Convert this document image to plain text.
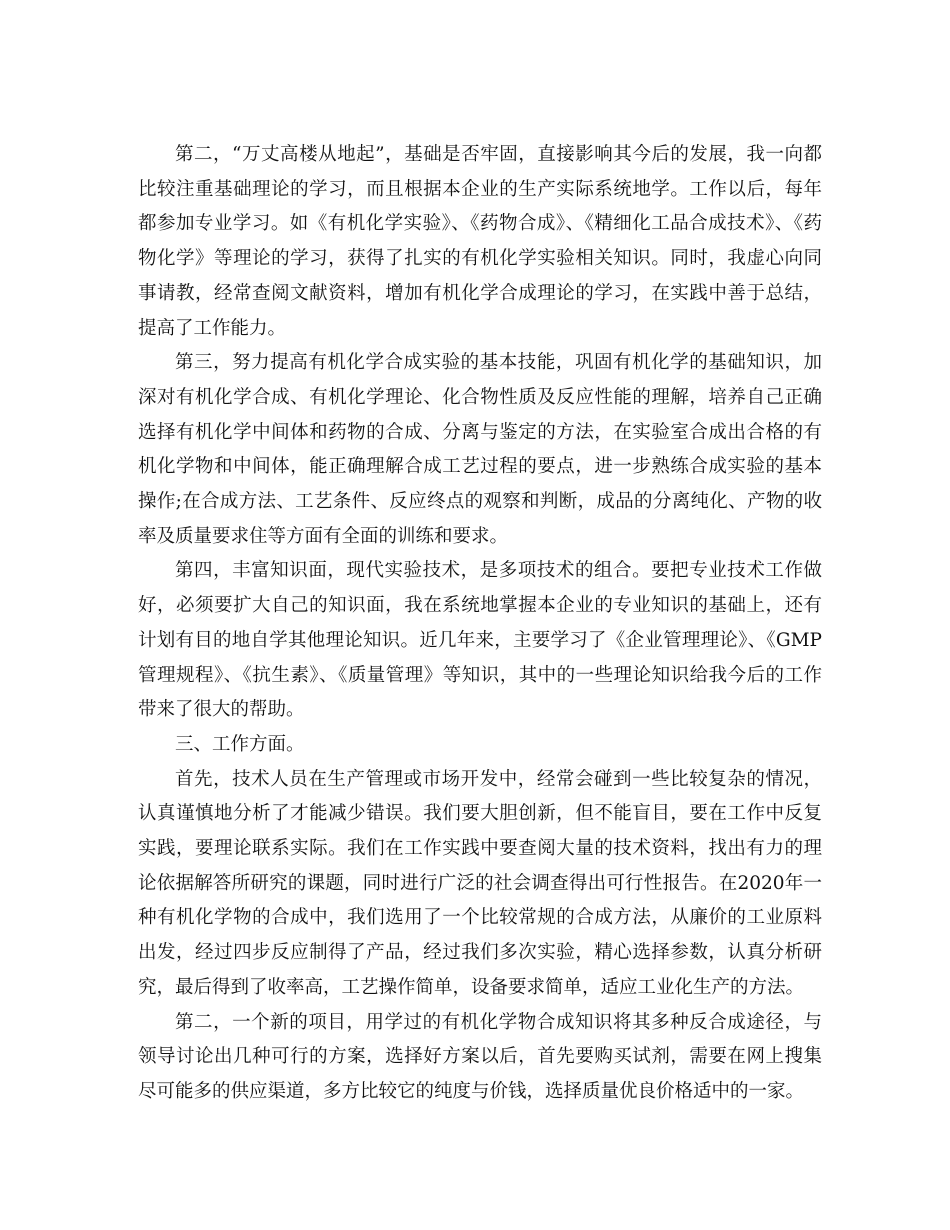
第二，“万丈高楼从地起”，基础是否牢固，直接影响其今后的发展，我一向都比较注重基础理论的学习，而且根据本企业的生产实际系统地学。工作以后，每年都参加专业学习。如《有机化学实验》、《药物合成》、《精细化工品合成技术》、《药物化学》等理论的学习，获得了扎实的有机化学实验相关知识。同时，我虚心向同事请教，经常查阅文献资料，增加有机化学合成理论的学习，在实践中善于总结，提高了工作能力。

第三，努力提高有机化学合成实验的基本技能，巩固有机化学的基础知识，加深对有机化学合成、有机化学理论、化合物性质及反应性能的理解，培养自己正确选择有机化学中间体和药物的合成、分离与鉴定的方法，在实验室合成出合格的有机化学物和中间体，能正确理解合成工艺过程的要点，进一步熟练合成实验的基本操作;在合成方法、工艺条件、反应终点的观察和判断，成品的分离纯化、产物的收率及质量要求住等方面有全面的训练和要求。

第四，丰富知识面，现代实验技术，是多项技术的组合。要把专业技术工作做好，必须要扩大自己的知识面，我在系统地掌握本企业的专业知识的基础上，还有计划有目的地自学其他理论知识。近几年来，主要学习了《企业管理理论》、《GMP管理规程》、《抗生素》、《质量管理》等知识，其中的一些理论知识给我今后的工作带来了很大的帮助。

三、工作方面。

首先，技术人员在生产管理或市场开发中，经常会碰到一些比较复杂的情况，认真谨慎地分析了才能减少错误。我们要大胆创新，但不能盲目，要在工作中反复实践，要理论联系实际。我们在工作实践中要查阅大量的技术资料，找出有力的理论依据解答所研究的课题，同时进行广泛的社会调查得出可行性报告。在2020年一种有机化学物的合成中，我们选用了一个比较常规的合成方法，从廉价的工业原料出发，经过四步反应制得了产品，经过我们多次实验，精心选择参数，认真分析研究，最后得到了收率高，工艺操作简单，设备要求简单，适应工业化生产的方法。

第二，一个新的项目，用学过的有机化学物合成知识将其多种反合成途径，与领导讨论出几种可行的方案，选择好方案以后，首先要购买试剂，需要在网上搜集尽可能多的供应渠道，多方比较它的纯度与价钱，选择质量优良价格适中的一家。
